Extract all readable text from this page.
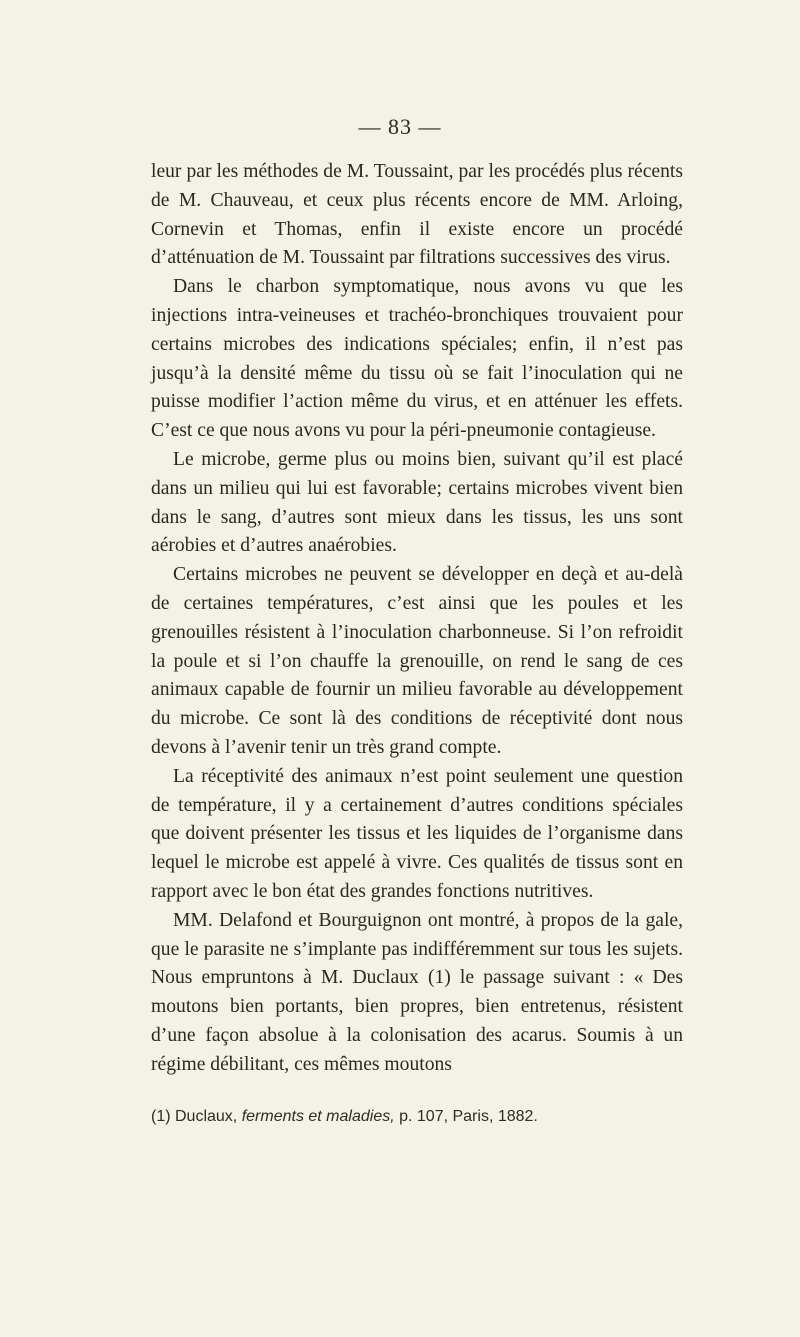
— 83 —

leur par les méthodes de M. Toussaint, par les procédés plus récents de M. Chauveau, et ceux plus récents encore de MM. Arloing, Cornevin et Thomas, enfin il existe encore un procédé d’atténuation de M. Toussaint par filtrations successives des virus.

Dans le charbon symptomatique, nous avons vu que les injections intra-veineuses et trachéo-bronchiques trouvaient pour certains microbes des indications spéciales; enfin, il n’est pas jusqu’à la densité même du tissu où se fait l’inoculation qui ne puisse modifier l’action même du virus, et en atténuer les effets. C’est ce que nous avons vu pour la péri-pneumonie contagieuse.

Le microbe, germe plus ou moins bien, suivant qu’il est placé dans un milieu qui lui est favorable; certains microbes vivent bien dans le sang, d’autres sont mieux dans les tissus, les uns sont aérobies et d’autres anaérobies.

Certains microbes ne peuvent se développer en deçà et au-delà de certaines températures, c’est ainsi que les poules et les grenouilles résistent à l’inoculation charbonneuse. Si l’on refroidit la poule et si l’on chauffe la grenouille, on rend le sang de ces animaux capable de fournir un milieu favorable au développement du microbe. Ce sont là des conditions de réceptivité dont nous devons à l’avenir tenir un très grand compte.

La réceptivité des animaux n’est point seulement une question de température, il y a certainement d’autres conditions spéciales que doivent présenter les tissus et les liquides de l’organisme dans lequel le microbe est appelé à vivre. Ces qualités de tissus sont en rapport avec le bon état des grandes fonctions nutritives.

MM. Delafond et Bourguignon ont montré, à propos de la gale, que le parasite ne s’implante pas indifféremment sur tous les sujets. Nous empruntons à M. Duclaux (1) le passage suivant : « Des moutons bien portants, bien propres, bien entretenus, résistent d’une façon absolue à la colonisation des acarus. Soumis à un régime débilitant, ces mêmes moutons

(1) Duclaux, ferments et maladies, p. 107, Paris, 1882.
